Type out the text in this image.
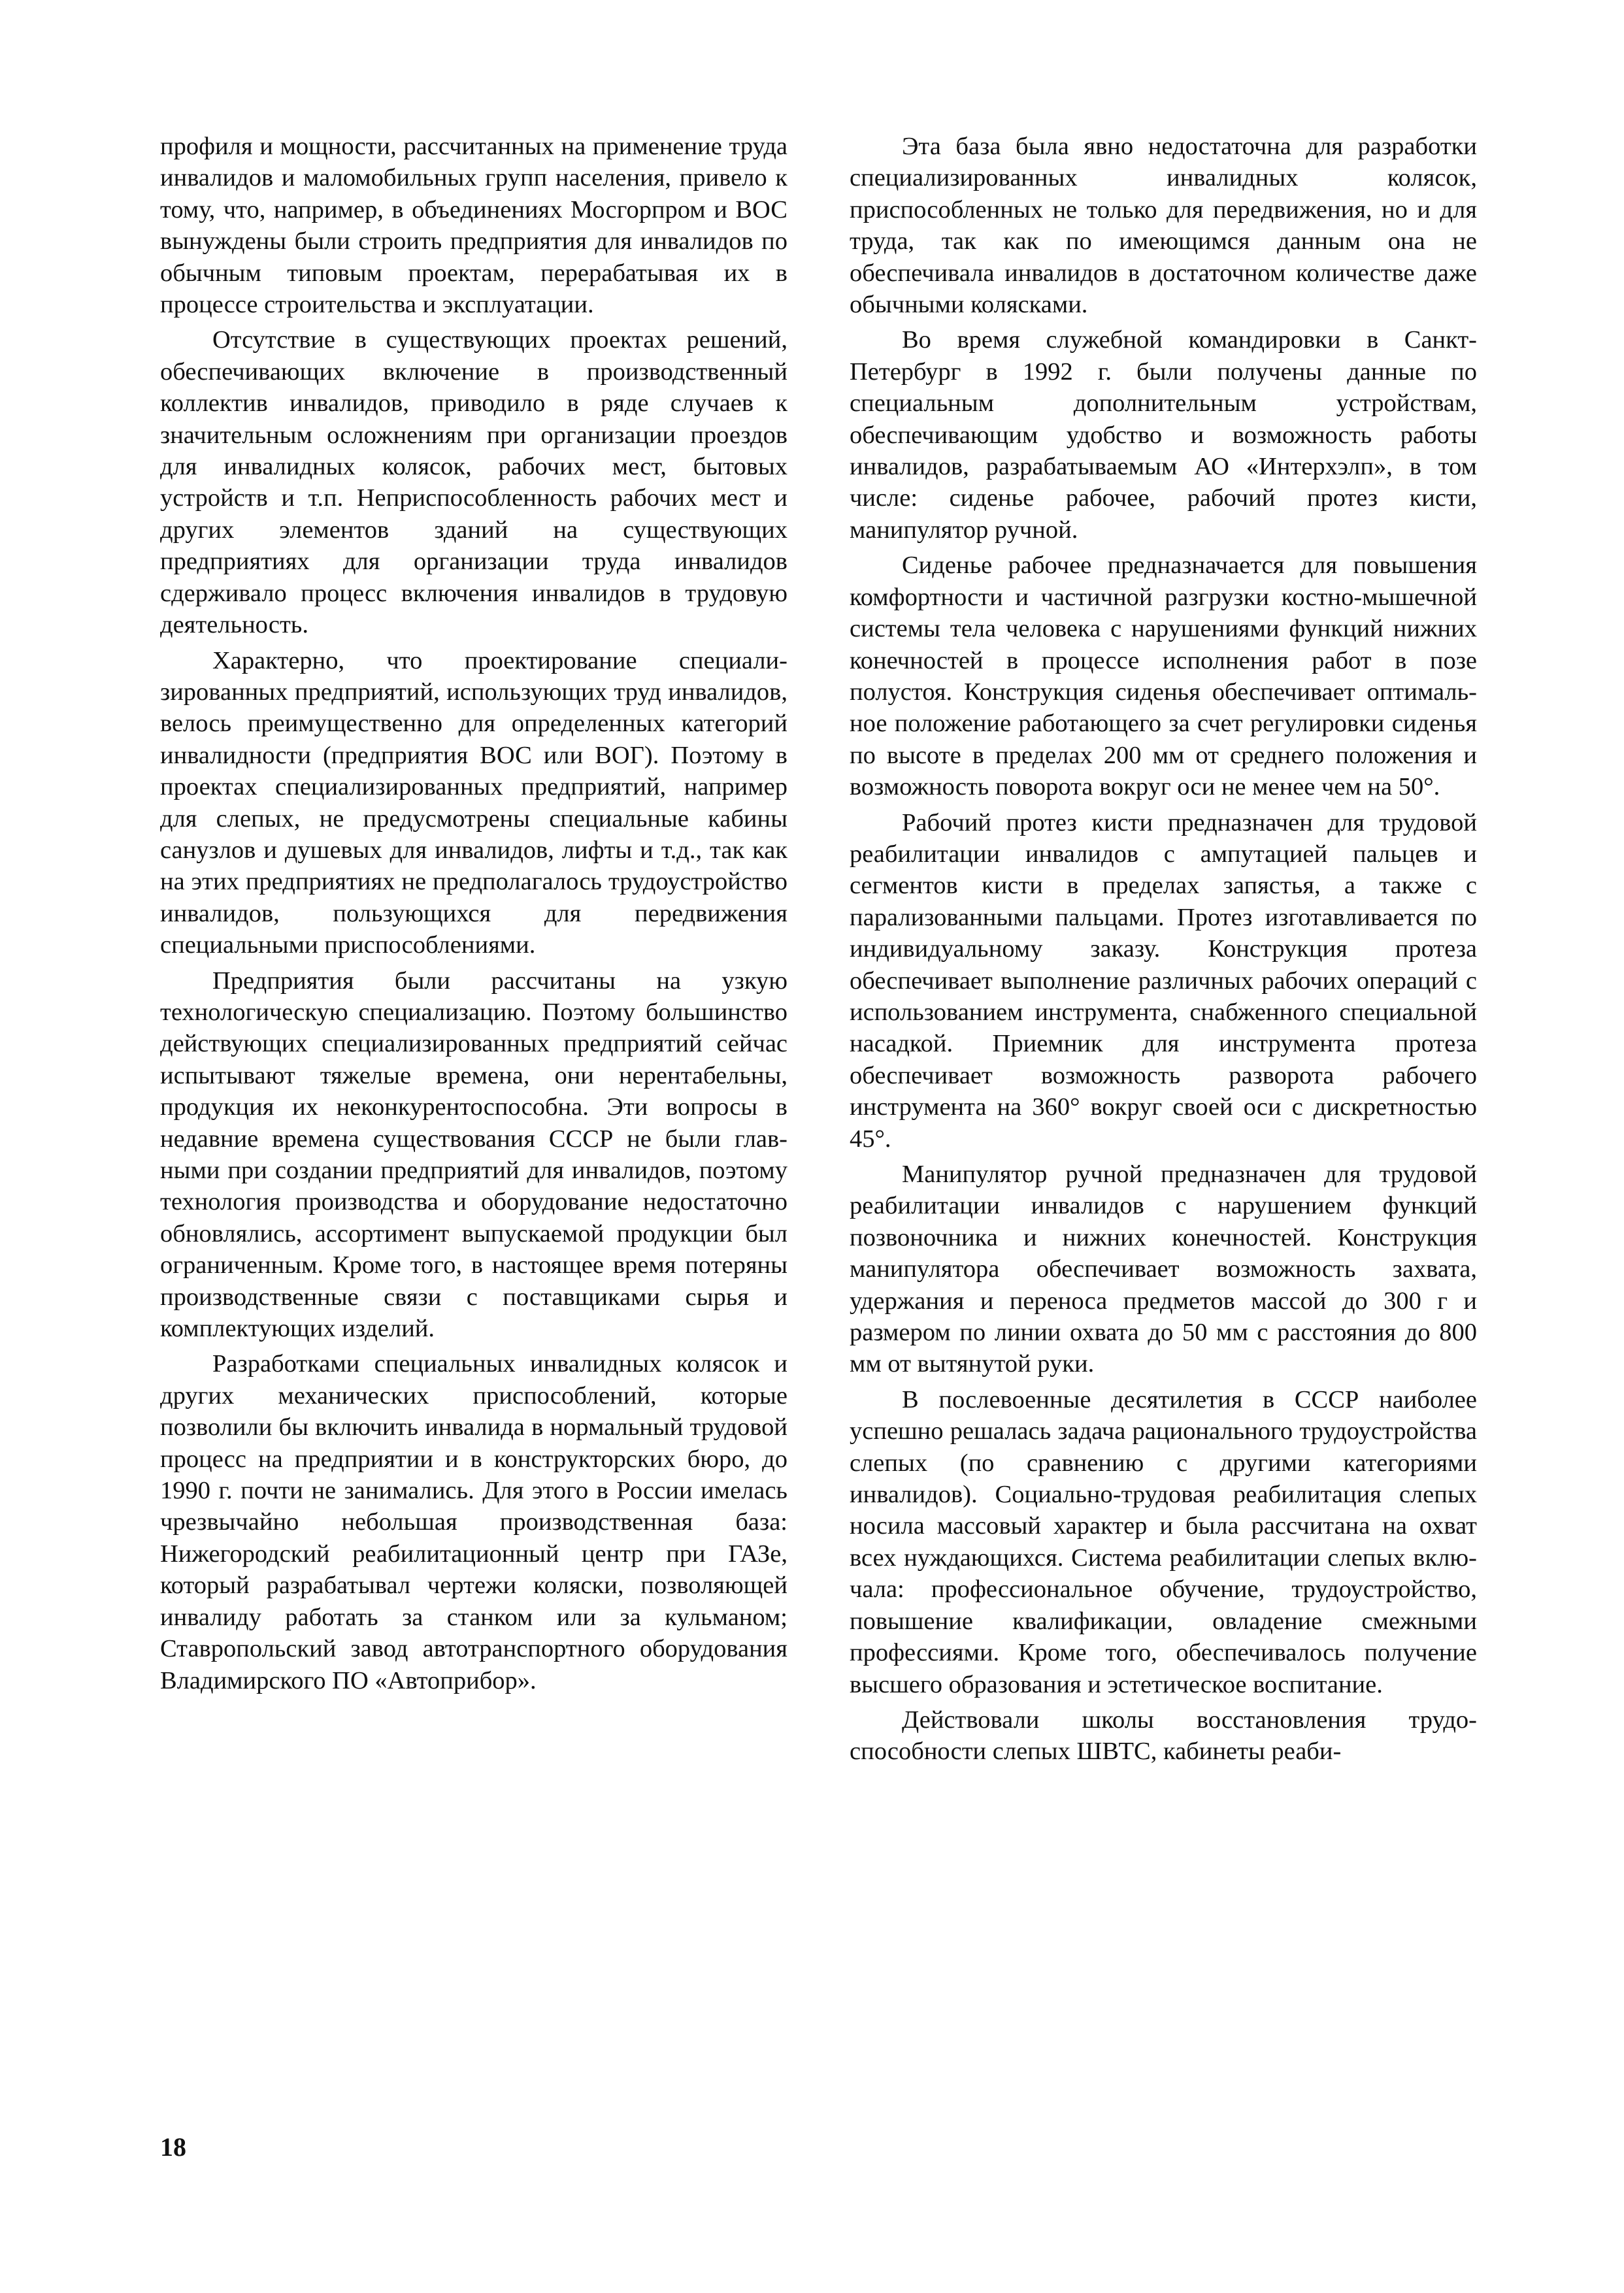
профиля и мощности, рассчитанных на применение труда инвалидов и маломобильных групп населения, привело к тому, что, например, в объединениях Мосгорпром и ВОС вынуждены были строить предприятия для инвалидов по обычным типовым проектам, перерабатывая их в процессе строительства и эксплуатации.

Отсутствие в существующих проектах решений, обеспечивающих включение в производственный коллектив инвалидов, приводило в ряде случаев к значительным осложнениям при организации проездов для инвалидных колясок, рабочих мест, бытовых устройств и т.п. Неприспособленность рабочих мест и других элементов зданий на существующих предприятиях для организации труда инвалидов сдерживало процесс включения инвалидов в трудовую деятельность.

Характерно, что проектирование специализированных предприятий, использующих труд инвалидов, велось преимущественно для определенных категорий инвалидности (предприятия ВОС или ВОГ). Поэтому в проектах специализированных предприятий, например для слепых, не предусмотрены специальные кабины санузлов и душевых для инвалидов, лифты и т.д., так как на этих предприятиях не предполагалось трудоустройство инвалидов, пользующихся для передвижения специальными приспособлениями.

Предприятия были рассчитаны на узкую технологическую специализацию. Поэтому большинство действующих специализированных предприятий сейчас испытывают тяжелые времена, они нерентабельны, продукция их неконкурентоспособна. Эти вопросы в недавние времена существования СССР не были главными при создании предприятий для инвалидов, поэтому технология производства и оборудование недостаточно обновлялись, ассортимент выпускаемой продукции был ограниченным. Кроме того, в настоящее время потеряны производственные связи с поставщиками сырья и комплектующих изделий.

Разработками специальных инвалидных колясок и других механических приспособлений, которые позволили бы включить инвалида в нормальный трудовой процесс на предприятии и в конструкторских бюро, до 1990 г. почти не занимались. Для этого в России имелась чрезвычайно небольшая производственная база: Нижегородский реабилитационный центр при ГАЗе, который разрабатывал чертежи коляски, позволяющей инвалиду работать за станком или за кульманом; Ставропольский завод автотранспортного оборудования Владимирского ПО «Автоприбор».

Эта база была явно недостаточна для разработки специализированных инвалидных колясок, приспособленных не только для передвижения, но и для труда, так как по имеющимся данным она не обеспечивала инвалидов в достаточном количестве даже обычными колясками.

Во время служебной командировки в Санкт-Петербург в 1992 г. были получены данные по специальным дополнительным устройствам, обеспечивающим удобство и возможность работы инвалидов, разрабатываемым АО «Интерхэлп», в том числе: сиденье рабочее, рабочий протез кисти, манипулятор ручной.

Сиденье рабочее предназначается для повышения комфортности и частичной разгрузки костно-мышечной системы тела человека с нарушениями функций нижних конечностей в процессе исполнения работ в позе полустоя. Конструкция сиденья обеспечивает оптимальное положение работающего за счет регулировки сиденья по высоте в пределах 200 мм от среднего положения и возможность поворота вокруг оси не менее чем на 50°.

Рабочий протез кисти предназначен для трудовой реабилитации инвалидов с ампутацией пальцев и сегментов кисти в пределах запястья, а также с парализованными пальцами. Протез изготавливается по индивидуальному заказу. Конструкция протеза обеспечивает выполнение различных рабочих операций с использованием инструмента, снабженного специальной насадкой. Приемник для инструмента протеза обеспечивает возможность разворота рабочего инструмента на 360° вокруг своей оси с дискретностью 45°.

Манипулятор ручной предназначен для трудовой реабилитации инвалидов с нарушением функций позвоночника и нижних конечностей. Конструкция манипулятора обеспечивает возможность захвата, удержания и переноса предметов массой до 300 г и размером по линии охвата до 50 мм с расстояния до 800 мм от вытянутой руки.

В послевоенные десятилетия в СССР наиболее успешно решалась задача рационального трудоустройства слепых (по сравнению с другими категориями инвалидов). Социально-трудовая реабилитация слепых носила массовый характер и была рассчитана на охват всех нуждающихся. Система реабилитации слепых включала: профессиональное обучение, трудоустройство, повышение квалификации, овладение смежными профессиями. Кроме того, обеспечивалось получение высшего образования и эстетическое воспитание.

Действовали школы восстановления трудоспособности слепых ШВТС, кабинеты реаби-

18
